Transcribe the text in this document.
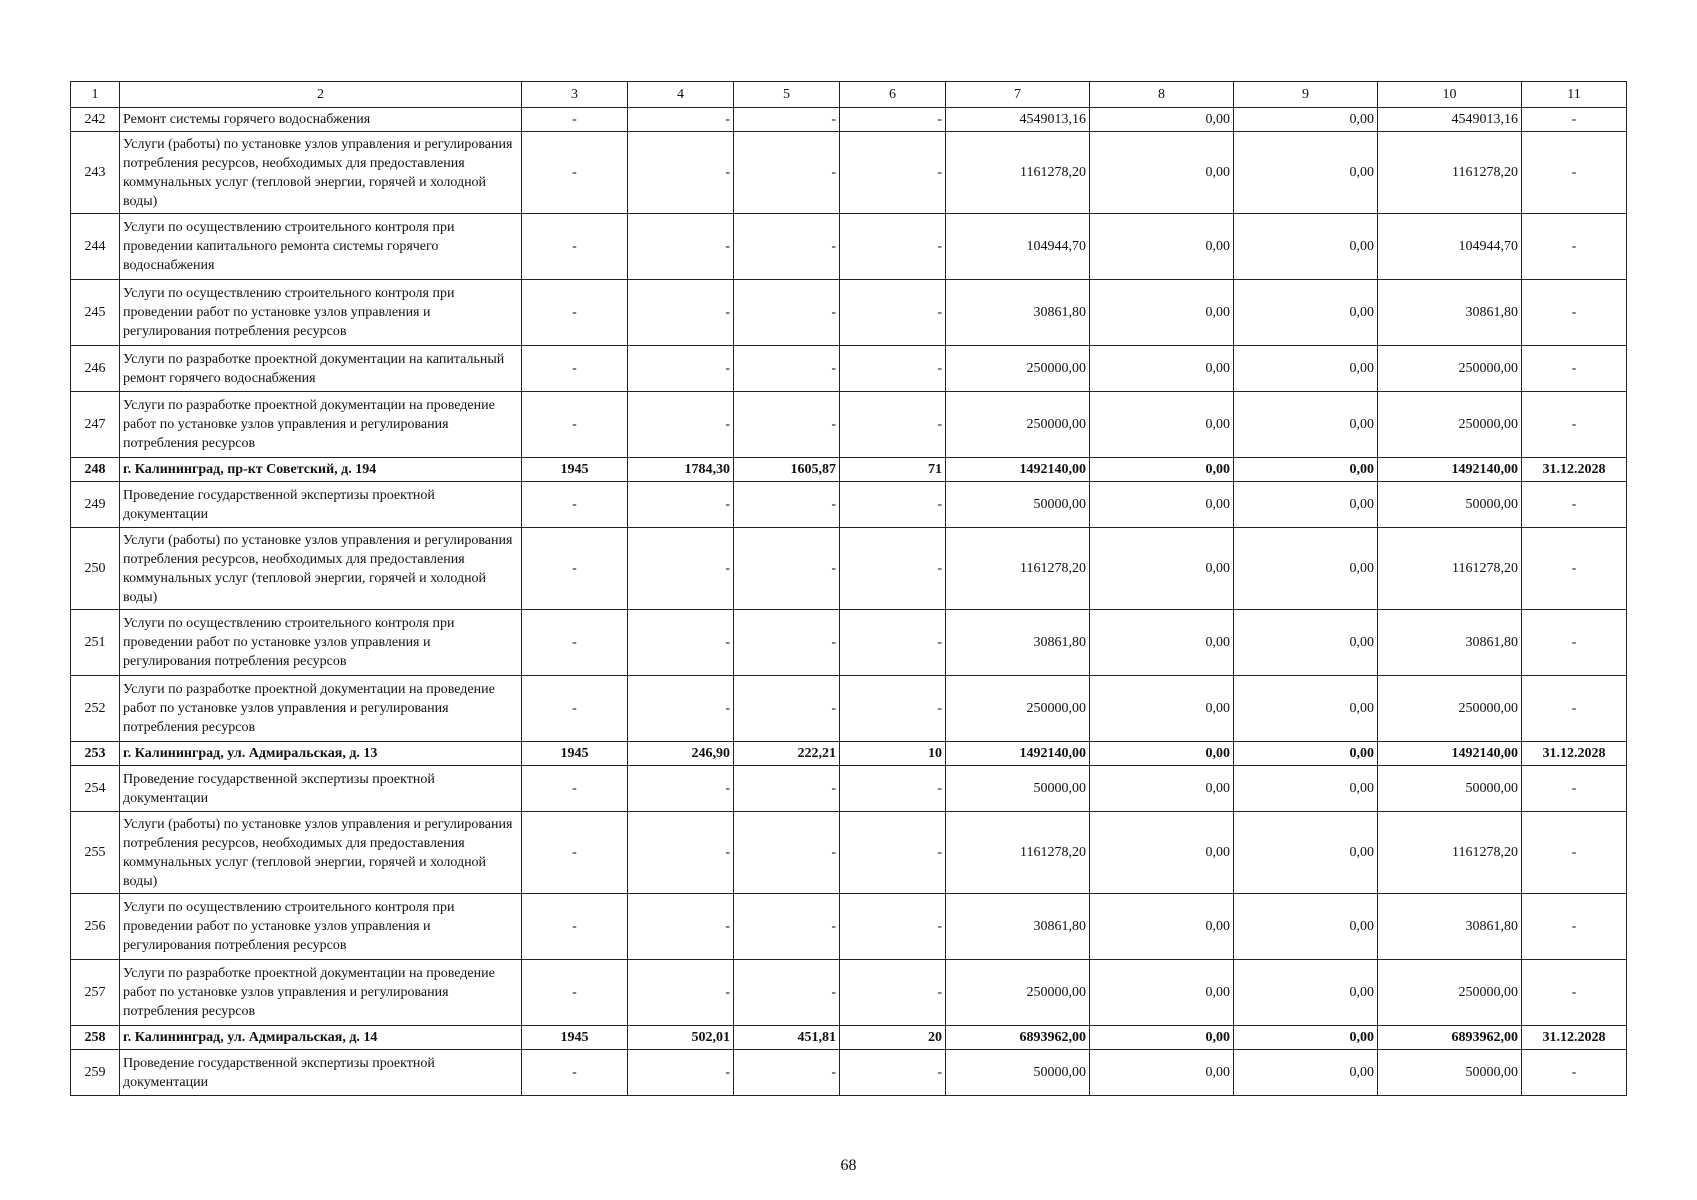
1	2	3	4	5	6	7	8	9	10	11
242	Ремонт системы горячего водоснабжения	-	-	-	-	4549013,16	0,00	0,00	4549013,16	-
243	Услуги (работы) по установке узлов управления и регулирования потребления ресурсов, необходимых для предоставления коммунальных услуг (тепловой энергии, горячей и холодной воды)	-	-	-	-	1161278,20	0,00	0,00	1161278,20	-
244	Услуги по осуществлению строительного контроля при проведении капитального ремонта системы горячего водоснабжения	-	-	-	-	104944,70	0,00	0,00	104944,70	-
245	Услуги по осуществлению строительного контроля при проведении работ по установке узлов управления и регулирования потребления ресурсов	-	-	-	-	30861,80	0,00	0,00	30861,80	-
246	Услуги по разработке проектной документации на капитальный ремонт горячего водоснабжения	-	-	-	-	250000,00	0,00	0,00	250000,00	-
247	Услуги по разработке проектной документации на проведение работ по установке узлов управления и регулирования потребления ресурсов	-	-	-	-	250000,00	0,00	0,00	250000,00	-
248	г. Калининград, пр-кт Советский, д. 194	1945	1784,30	1605,87	71	1492140,00	0,00	0,00	1492140,00	31.12.2028
249	Проведение государственной экспертизы проектной документации	-	-	-	-	50000,00	0,00	0,00	50000,00	-
250	Услуги (работы) по установке узлов управления и регулирования потребления ресурсов, необходимых для предоставления коммунальных услуг (тепловой энергии, горячей и холодной воды)	-	-	-	-	1161278,20	0,00	0,00	1161278,20	-
251	Услуги по осуществлению строительного контроля при проведении работ по установке узлов управления и регулирования потребления ресурсов	-	-	-	-	30861,80	0,00	0,00	30861,80	-
252	Услуги по разработке проектной документации на проведение работ по установке узлов управления и регулирования потребления ресурсов	-	-	-	-	250000,00	0,00	0,00	250000,00	-
253	г. Калининград, ул. Адмиральская, д. 13	1945	246,90	222,21	10	1492140,00	0,00	0,00	1492140,00	31.12.2028
254	Проведение государственной экспертизы проектной документации	-	-	-	-	50000,00	0,00	0,00	50000,00	-
255	Услуги (работы) по установке узлов управления и регулирования потребления ресурсов, необходимых для предоставления коммунальных услуг (тепловой энергии, горячей и холодной воды)	-	-	-	-	1161278,20	0,00	0,00	1161278,20	-
256	Услуги по осуществлению строительного контроля при проведении работ по установке узлов управления и регулирования потребления ресурсов	-	-	-	-	30861,80	0,00	0,00	30861,80	-
257	Услуги по разработке проектной документации на проведение работ по установке узлов управления и регулирования потребления ресурсов	-	-	-	-	250000,00	0,00	0,00	250000,00	-
258	г. Калининград, ул. Адмиральская, д. 14	1945	502,01	451,81	20	6893962,00	0,00	0,00	6893962,00	31.12.2028
259	Проведение государственной экспертизы проектной документации	-	-	-	-	50000,00	0,00	0,00	50000,00	-
68
